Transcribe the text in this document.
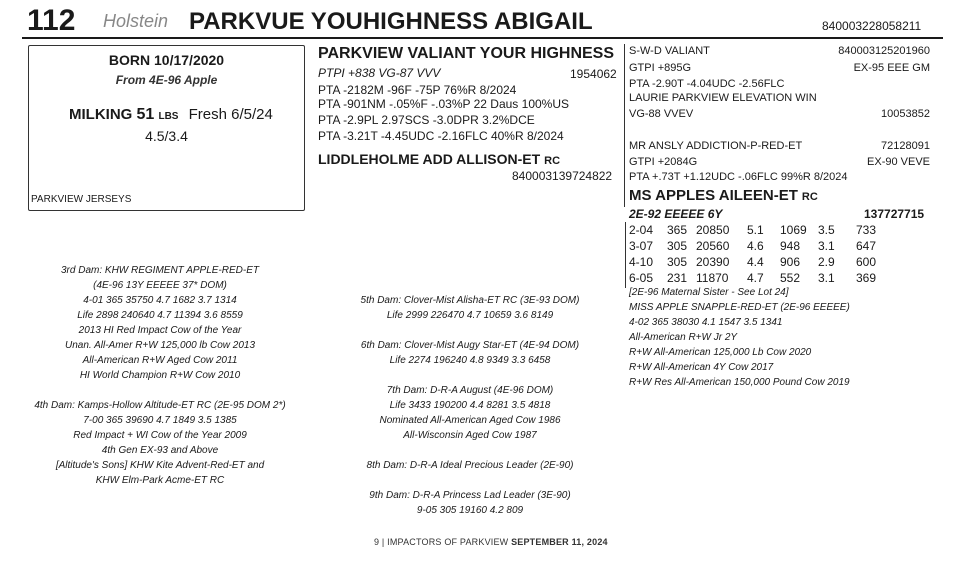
112 Holstein PARKVUE YOUHIGHNESS ABIGAIL	840003228058211
BORN 10/17/2020
From 4E-96 Apple
MILKING 51 LBS Fresh 6/5/24
4.5/3.4
PARKVIEW JERSEYS
PARKVIEW VALIANT YOUR HIGHNESS
PTPI +838 VG-87 VVV	1954062
PTA -2182M -96F -75P 76%R 8/2024
PTA -901NM -.05%F -.03%P 22 Daus 100%US
PTA -2.9PL 2.97SCS -3.0DPR 3.2%DCE
PTA -3.21T -4.45UDC -2.16FLC 40%R 8/2024
LIDDLEHOLME ADD ALLISON-ET RC
840003139724822
S-W-D VALIANT	840003125201960
GTPI +895G	EX-95 EEE GM
PTA -2.90T -4.04UDC -2.56FLC
LAURIE PARKVIEW ELEVATION WIN
VG-88 VVEV	10053852
MR ANSLY ADDICTION-P-RED-ET	72128091
GTPI +2084G	EX-90 VEVE
PTA +.73T +1.12UDC -.06FLC 99%R 8/2024
MS APPLES AILEEN-ET RC
2E-92 EEEEE 6Y	137727715
2-04 365 20850 5.1 1069 3.5 733
3-07 305 20560 4.6 948 3.1 647
4-10 305 20390 4.4 906 2.9 600
6-05 231 11870 4.7 552 3.1 369
[2E-96 Maternal Sister - See Lot 24]
MISS APPLE SNAPPLE-RED-ET (2E-96 EEEEE)
4-02 365 38030 4.1 1547 3.5 1341
All-American R+W Jr 2Y
R+W All-American 125,000 Lb Cow 2020
R+W All-American 4Y Cow 2017
R+W Res All-American 150,000 Pound Cow 2019
3rd Dam: KHW REGIMENT APPLE-RED-ET
(4E-96 13Y EEEEE 37* DOM)
4-01 365 35750 4.7 1682 3.7 1314
Life 2898 240640 4.7 11394 3.6 8559
2013 HI Red Impact Cow of the Year
Unan. All-Amer R+W 125,000 lb Cow 2013
All-American R+W Aged Cow 2011
HI World Champion R+W Cow 2010
4th Dam: Kamps-Hollow Altitude-ET RC (2E-95 DOM 2*)
7-00 365 39690 4.7 1849 3.5 1385
Red Impact + WI Cow of the Year 2009
4th Gen EX-93 and Above
[Altitude's Sons] KHW Kite Advent-Red-ET and
KHW Elm-Park Acme-ET RC
5th Dam: Clover-Mist Alisha-ET RC (3E-93 DOM)
Life 2999 226470 4.7 10659 3.6 8149
6th Dam: Clover-Mist Augy Star-ET (4E-94 DOM)
Life 2274 196240 4.8 9349 3.3 6458
7th Dam: D-R-A August (4E-96 DOM)
Life 3433 190200 4.4 8281 3.5 4818
Nominated All-American Aged Cow 1986
All-Wisconsin Aged Cow 1987
8th Dam: D-R-A Ideal Precious Leader (2E-90)
9th Dam: D-R-A Princess Lad Leader (3E-90)
9-05 305 19160 4.2 809
9 | IMPACTORS OF PARKVIEW SEPTEMBER 11, 2024
